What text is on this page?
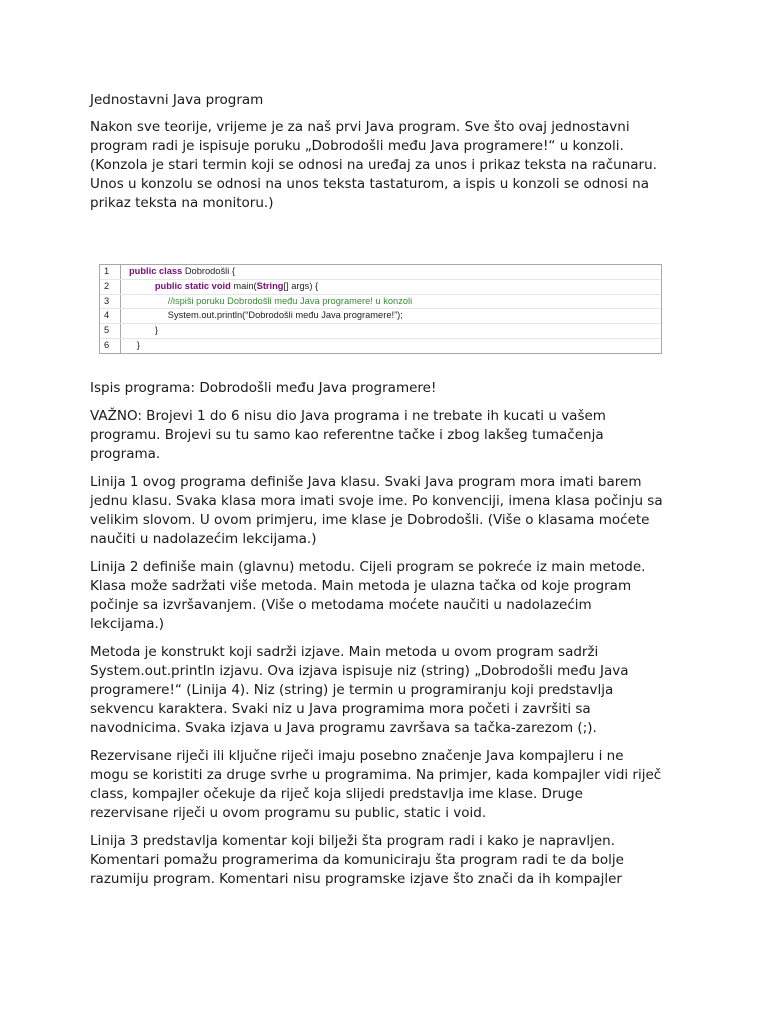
Jednostavni Java program
Nakon sve teorije, vrijeme je za naš prvi Java program. Sve što ovaj jednostavni
program radi je ispisuje poruku „Dobrodošli među Java programere!“ u konzoli.
(Konzola je stari termin koji se odnosi na uređaj za unos i prikaz teksta na računaru.
Unos u konzolu se odnosi na unos teksta tastaturom, a ispis u konzoli se odnosi na
prikaz teksta na monitoru.)
1	public class Dobrodošli {
2	public static void main(String[] args) {
3	//ispiši poruku Dobrodošli među Java programere! u konzoli
4	System.out.println(“Dobrodošli među Java programere!”);
5	}
6	}
Ispis programa: Dobrodošli među Java programere!
VAŽNO: Brojevi 1 do 6 nisu dio Java programa i ne trebate ih kucati u vašem
programu. Brojevi su tu samo kao referentne tačke i zbog lakšeg tumačenja
programa.
Linija 1 ovog programa definiše Java klasu. Svaki Java program mora imati barem
jednu klasu. Svaka klasa mora imati svoje ime. Po konvenciji, imena klasa počinju sa
velikim slovom. U ovom primjeru, ime klase je Dobrodošli. (Više o klasama moćete
naučiti u nadolazećim lekcijama.)
Linija 2 definiše main (glavnu) metodu. Cijeli program se pokreće iz main metode.
Klasa može sadržati više metoda. Main metoda je ulazna tačka od koje program
počinje sa izvršavanjem. (Više o metodama moćete naučiti u nadolazećim
lekcijama.)
Metoda je konstrukt koji sadrži izjave. Main metoda u ovom program sadrži
System.out.println izjavu. Ova izjava ispisuje niz (string) „Dobrodošli među Java
programere!“ (Linija 4). Niz (string) je termin u programiranju koji predstavlja
sekvencu karaktera. Svaki niz u Java programima mora početi i završiti sa
navodnicima. Svaka izjava u Java programu završava sa tačka-zarezom (;).
Rezervisane riječi ili ključne riječi imaju posebno značenje Java kompajleru i ne
mogu se koristiti za druge svrhe u programima. Na primjer, kada kompajler vidi riječ
class, kompajler očekuje da riječ koja slijedi predstavlja ime klase. Druge
rezervisane riječi u ovom programu su public, static i void.
Linija 3 predstavlja komentar koji bilježi šta program radi i kako je napravljen.
Komentari pomažu programerima da komuniciraju šta program radi te da bolje
razumiju program. Komentari nisu programske izjave što znači da ih kompajler
